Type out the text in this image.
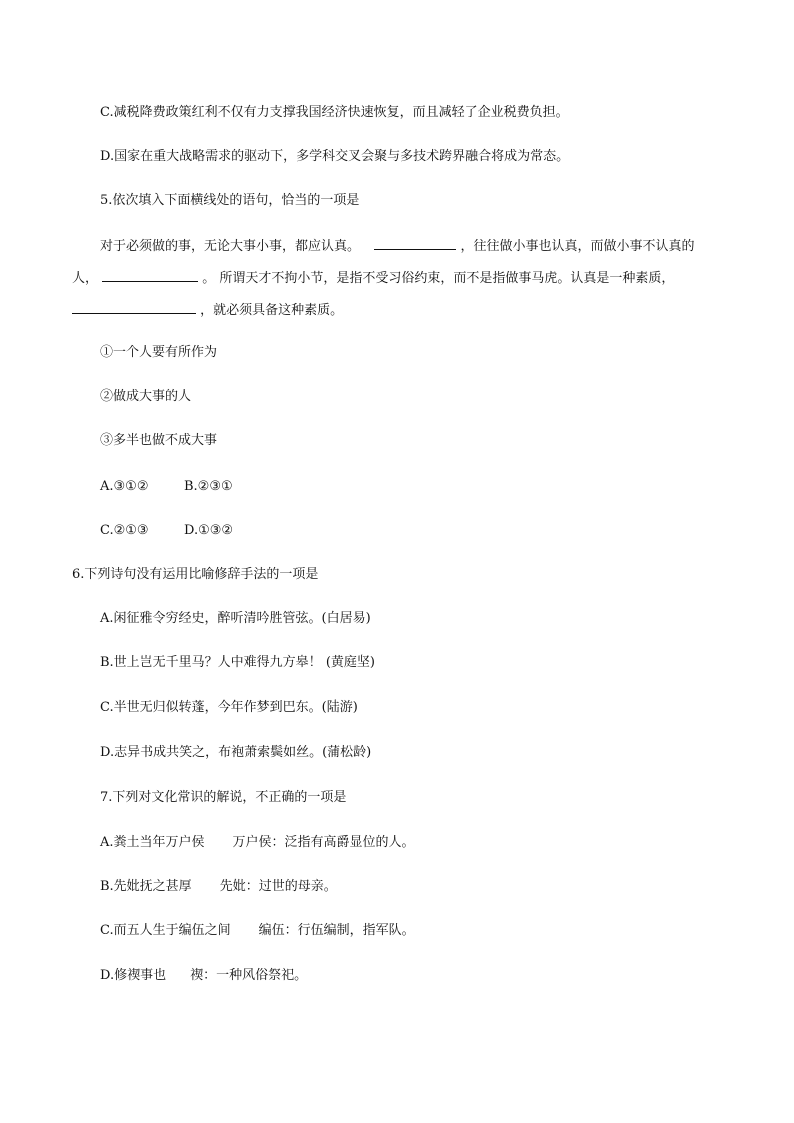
C.减税降费政策红利不仅有力支撑我国经济快速恢复，而且减轻了企业税费负担。
D.国家在重大战略需求的驱动下，多学科交叉会聚与多技术跨界融合将成为常态。
5.依次填入下面横线处的语句，恰当的一项是
对于必须做的事，无论大事小事，都应认真。	，往往做小事也认真，而做小事不认真的
人，	。 所谓天才不拘小节，是指不受习俗约束，而不是指做事马虎。认真是一种素质，
，就必须具备这种素质。
①一个人要有所作为
②做成大事的人
③多半也做不成大事
A.③①②	B.②③①
C.②①③	D.①③②
6.下列诗句没有运用比喻修辞手法的一项是
A.闲征雅令穷经史，醉听清吟胜管弦。(白居易)
B.世上岂无千里马？人中难得九方皋！ (黄庭坚)
C.半世无归似转蓬，今年作梦到巴东。(陆游)
D.志异书成共笑之，布袍萧索鬓如丝。(蒲松龄)
7.下列对文化常识的解说，不正确的一项是
A.粪土当年万户侯 万户侯：泛指有高爵显位的人。
B.先妣抚之甚厚 先妣：过世的母亲。
C.而五人生于编伍之间 编伍：行伍编制，指军队。
D.修禊事也 禊：一种风俗祭祀。
